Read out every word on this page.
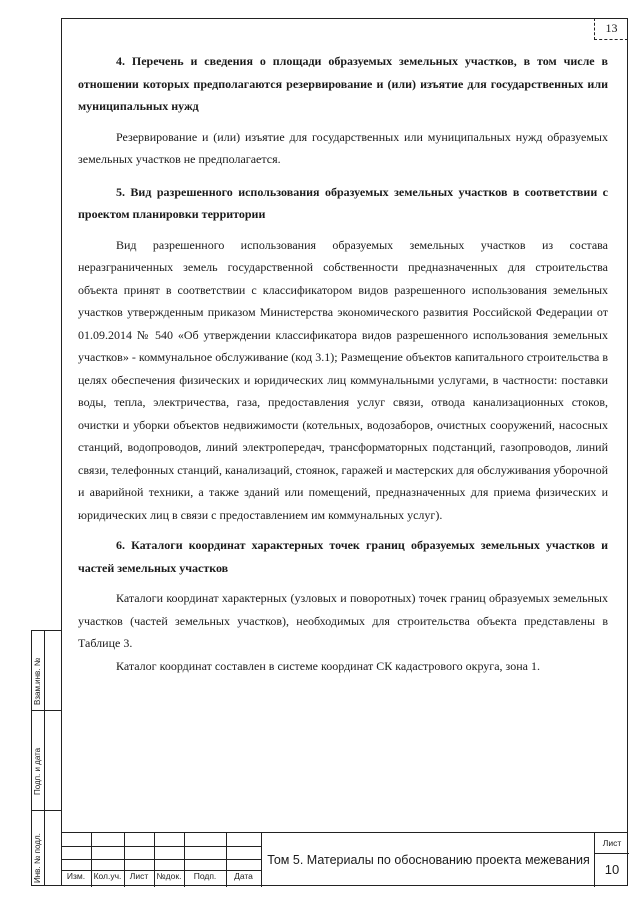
13
Взам.инв. №
Подп. и дата
Инв. № подл.

4. Перечень и сведения о площади образуемых земельных участков, в том числе в отношении которых предполагаются резервирование и (или) изъятие для государственных или муниципальных нужд

Резервирование и (или) изъятие для государственных или муниципальных нужд образуемых земельных участков не предполагается.

5. Вид разрешенного использования образуемых земельных участков в соответствии с проектом планировки территории

Вид разрешенного использования образуемых земельных участков из состава неразграниченных земель государственной собственности предназначенных для строительства объекта принят в соответствии с классификатором видов разрешенного использования земельных участков утвержденным приказом Министерства экономического развития Российской Федерации от 01.09.2014 № 540 «Об утверждении классификатора видов разрешенного использования земельных участков» - коммунальное обслуживание (код 3.1); Размещение объектов капитального строительства в целях обеспечения физических и юридических лиц коммунальными услугами, в частности: поставки воды, тепла, электричества, газа, предоставления услуг связи, отвода канализационных стоков, очистки и уборки объектов недвижимости (котельных, водозаборов, очистных сооружений, насосных станций, водопроводов, линий электропередач, трансформаторных подстанций, газопроводов, линий связи, телефонных станций, канализаций, стоянок, гаражей и мастерских для обслуживания уборочной и аварийной техники, а также зданий или помещений, предназначенных для приема физических и юридических лиц в связи с предоставлением им коммунальных услуг).

6. Каталоги координат характерных точек границ образуемых земельных участков и частей земельных участков

Каталоги координат характерных (узловых и поворотных) точек границ образуемых земельных участков (частей земельных участков), необходимых для строительства объекта представлены в Таблице 3.

Каталог координат составлен в системе координат СК кадастрового округа, зона 1.

Изм. Кол.уч. Лист №док.	Подп.	Дата
Том 5. Материалы по обоснованию проекта межевания
Лист
10
